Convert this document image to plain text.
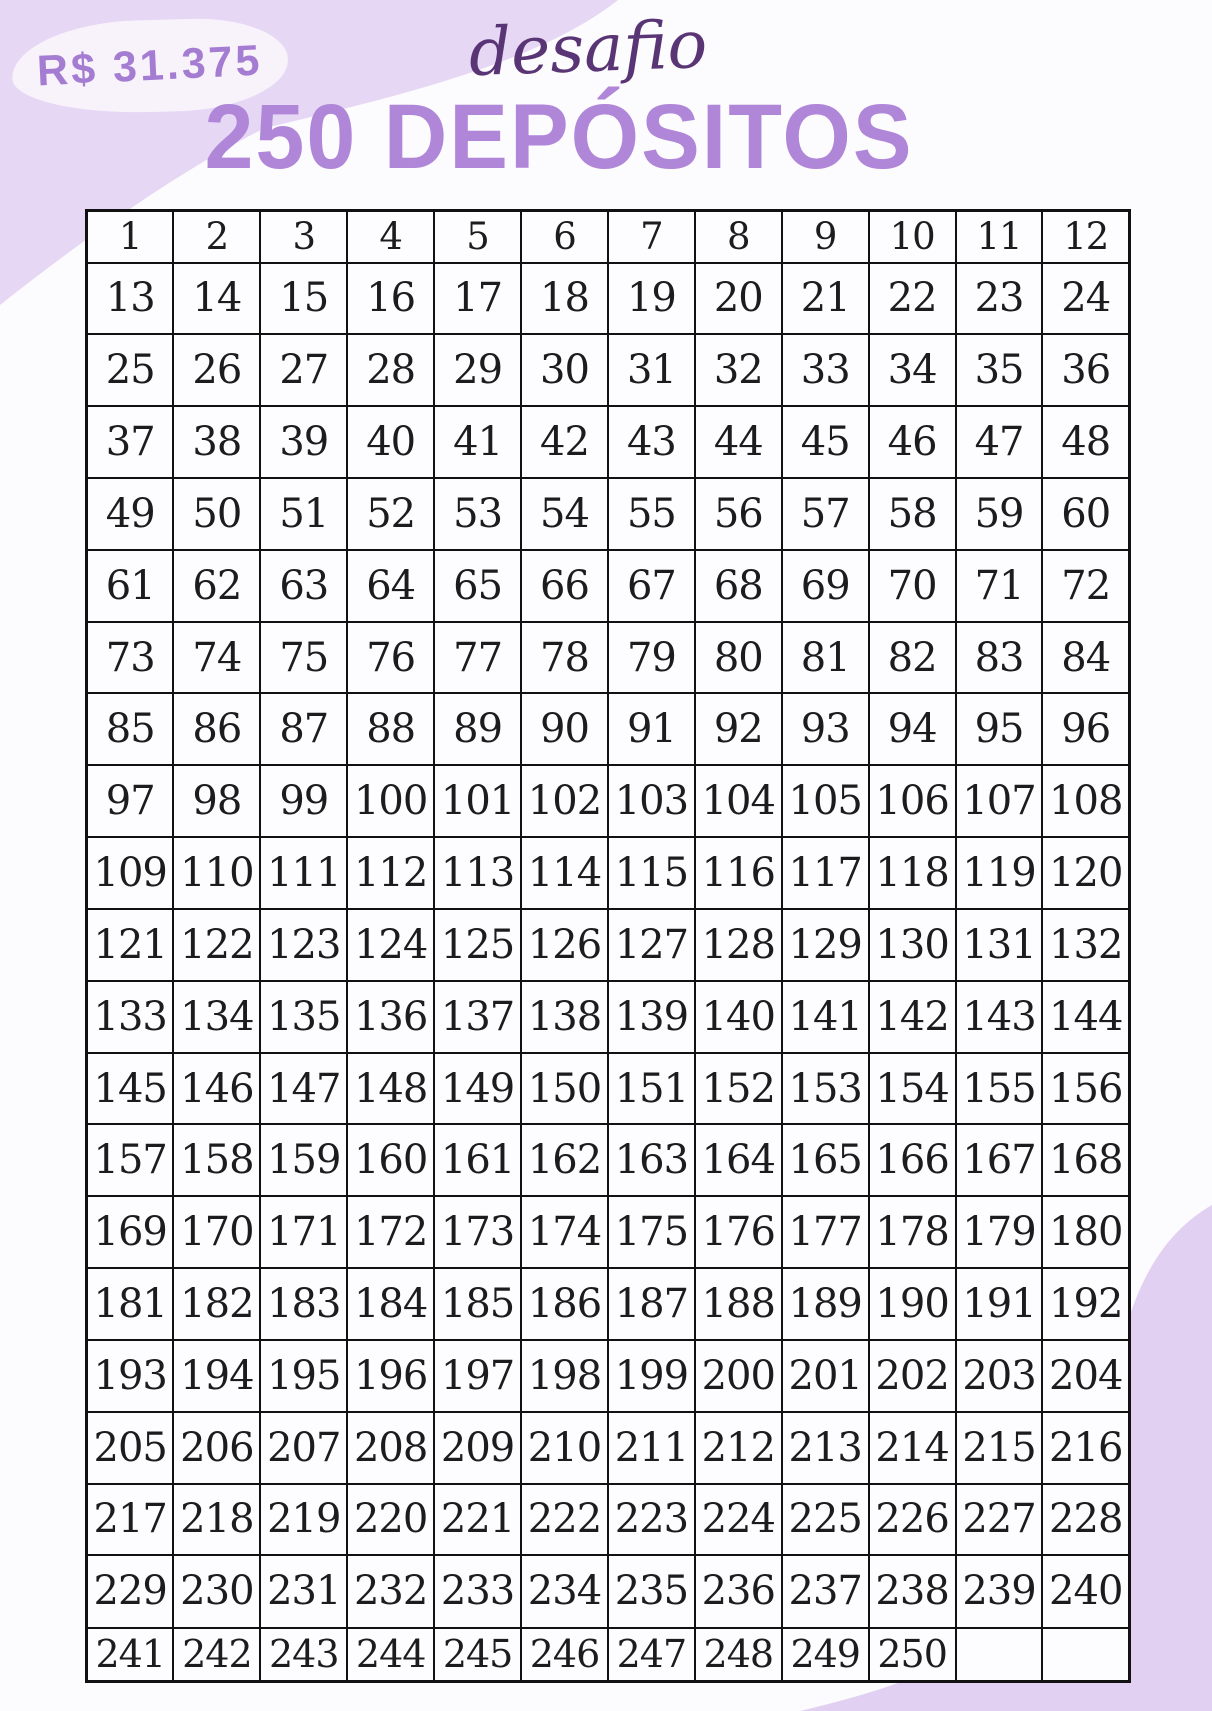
R$ 31.375	desafio
250 DEPÓSITOS
1	2	3	4	5	6	7	8	9	10	11	12
13	14	15	16	17	18	19	20	21	22	23	24
25	26	27	28	29	30	31	32	33	34	35	36
37	38	39	40	41	42	43	44	45	46	47	48
49	50	51	52	53	54	55	56	57	58	59	60
61	62	63	64	65	66	67	68	69	70	71	72
73	74	75	76	77	78	79	80	81	82	83	84
85	86	87	88	89	90	91	92	93	94	95	96
97	98	99	100	101	102	103	104	105	106	107	108
109	110	111	112	113	114	115	116	117	118	119	120
121	122	123	124	125	126	127	128	129	130	131	132
133	134	135	136	137	138	139	140	141	142	143	144
145	146	147	148	149	150	151	152	153	154	155	156
157	158	159	160	161	162	163	164	165	166	167	168
169	170	171	172	173	174	175	176	177	178	179	180
181	182	183	184	185	186	187	188	189	190	191	192
193	194	195	196	197	198	199	200	201	202	203	204
205	206	207	208	209	210	211	212	213	214	215	216
217	218	219	220	221	222	223	224	225	226	227	228
229	230	231	232	233	234	235	236	237	238	239	240
241	242	243	244	245	246	247	248	249	250		
